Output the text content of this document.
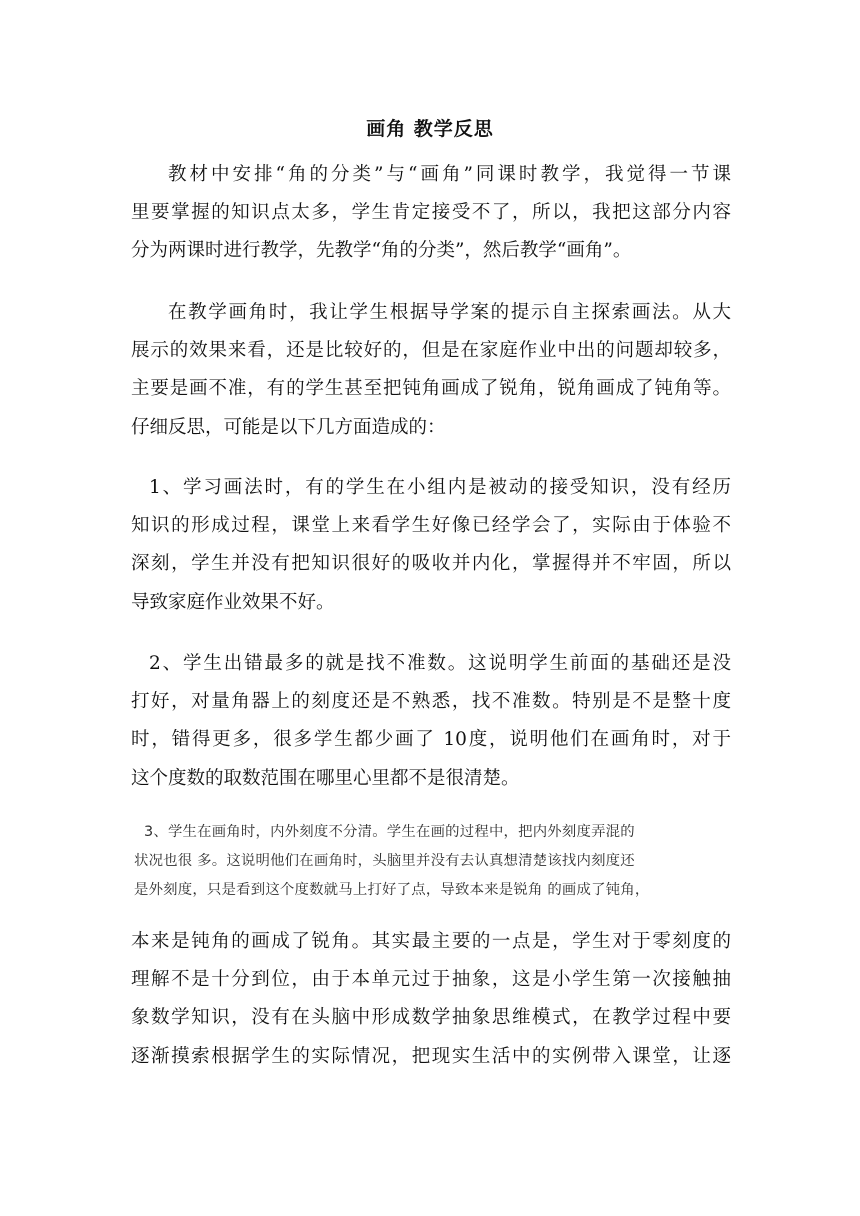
画角 教学反思
教材中安排“角的分类”与“画角”同课时教学，我觉得一节课
里要掌握的知识点太多，学生肯定接受不了，所以，我把这部分内容
分为两课时进行教学，先教学“角的分类”，然后教学“画角”。
在教学画角时，我让学生根据导学案的提示自主探索画法。从大
展示的效果来看，还是比较好的，但是在家庭作业中出的问题却较多，
主要是画不准，有的学生甚至把钝角画成了锐角，锐角画成了钝角等。
仔细反思，可能是以下几方面造成的：
1、学习画法时，有的学生在小组内是被动的接受知识，没有经历
知识的形成过程，课堂上来看学生好像已经学会了，实际由于体验不
深刻，学生并没有把知识很好的吸收并内化，掌握得并不牢固，所以
导致家庭作业效果不好。
2、学生出错最多的就是找不准数。这说明学生前面的基础还是没
打好，对量角器上的刻度还是不熟悉，找不准数。特别是不是整十度
时，错得更多，很多学生都少画了 10度，说明他们在画角时，对于
这个度数的取数范围在哪里心里都不是很清楚。
3、学生在画角时，内外刻度不分清。学生在画的过程中，把内外刻度弄混的
状况也很 多。这说明他们在画角时，头脑里并没有去认真想清楚该找内刻度还
是外刻度，只是看到这个度数就马上打好了点，导致本来是锐角 的画成了钝角，
本来是钝角的画成了锐角。其实最主要的一点是，学生对于零刻度的
理解不是十分到位，由于本单元过于抽象，这是小学生第一次接触抽
象数学知识，没有在头脑中形成数学抽象思维模式，在教学过程中要
逐渐摸索根据学生的实际情况，把现实生活中的实例带入课堂，让逐
